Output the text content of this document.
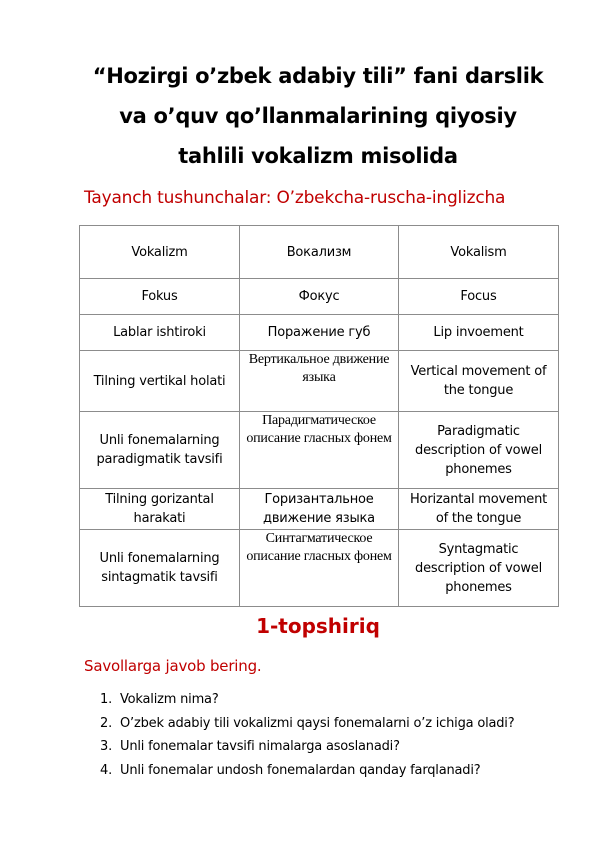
“Hozirgi o’zbek adabiy tili” fani darslik
va o’quv qo’llanmalarining qiyosiy
tahlili vokalizm misolida
Tayanch tushunchalar: O’zbekcha-ruscha-inglizcha
Vokalizm	Вокализм	Vokalism
Fokus	Фокус	Focus
Lablar ishtiroki	Поражение губ	Lip invoement
Tilning vertikal holati	Вертикальное движение языка	Vertical movement of the tongue
Unli fonemalarning paradigmatik tavsifi	Парадигматическое описание гласных фонем	Paradigmatic description of vowel phonemes
Tilning gorizantal harakati	Горизантальное движение языка	Horizantal movement of the tongue
Unli fonemalarning sintagmatik tavsifi	Синтагматическое описание гласных фонем	Syntagmatic description of vowel phonemes
1-topshiriq
Savollarga javob bering.
1. Vokalizm nima?
2. O’zbek adabiy tili vokalizmi qaysi fonemalarni o’z ichiga oladi?
3. Unli fonemalar tavsifi nimalarga asoslanadi?
4. Unli fonemalar undosh fonemalardan qanday farqlanadi?
